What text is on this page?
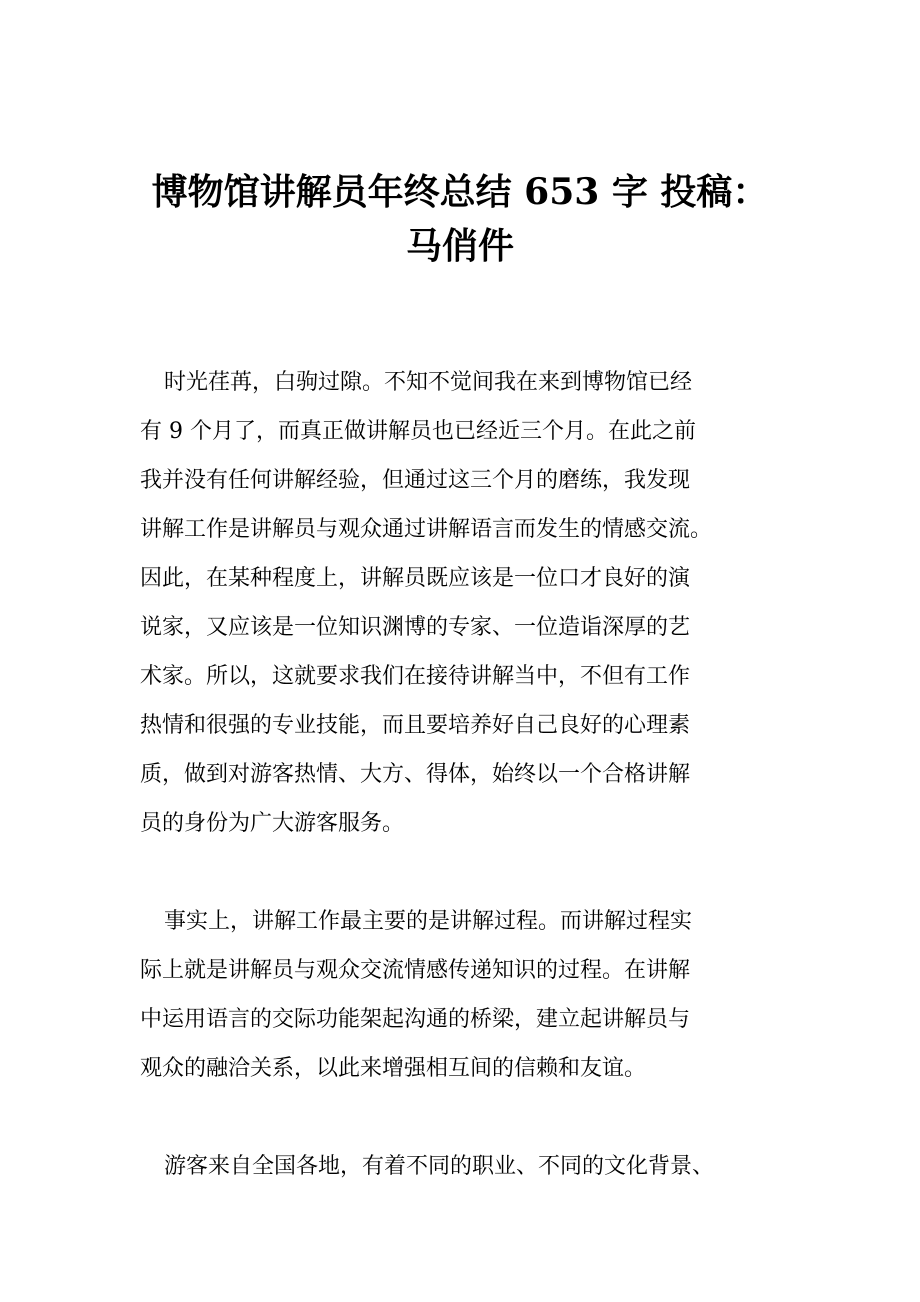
博物馆讲解员年终总结 653 字 投稿：
马俏件

时光荏苒，白驹过隙。不知不觉间我在来到博物馆已经
有 9 个月了，而真正做讲解员也已经近三个月。在此之前
我并没有任何讲解经验，但通过这三个月的磨练，我发现
讲解工作是讲解员与观众通过讲解语言而发生的情感交流。
因此，在某种程度上，讲解员既应该是一位口才良好的演
说家，又应该是一位知识渊博的专家、一位造诣深厚的艺
术家。所以，这就要求我们在接待讲解当中，不但有工作
热情和很强的专业技能，而且要培养好自己良好的心理素
质，做到对游客热情、大方、得体，始终以一个合格讲解
员的身份为广大游客服务。

事实上，讲解工作最主要的是讲解过程。而讲解过程实
际上就是讲解员与观众交流情感传递知识的过程。在讲解
中运用语言的交际功能架起沟通的桥梁，建立起讲解员与
观众的融洽关系，以此来增强相互间的信赖和友谊。

游客来自全国各地，有着不同的职业、不同的文化背景、
